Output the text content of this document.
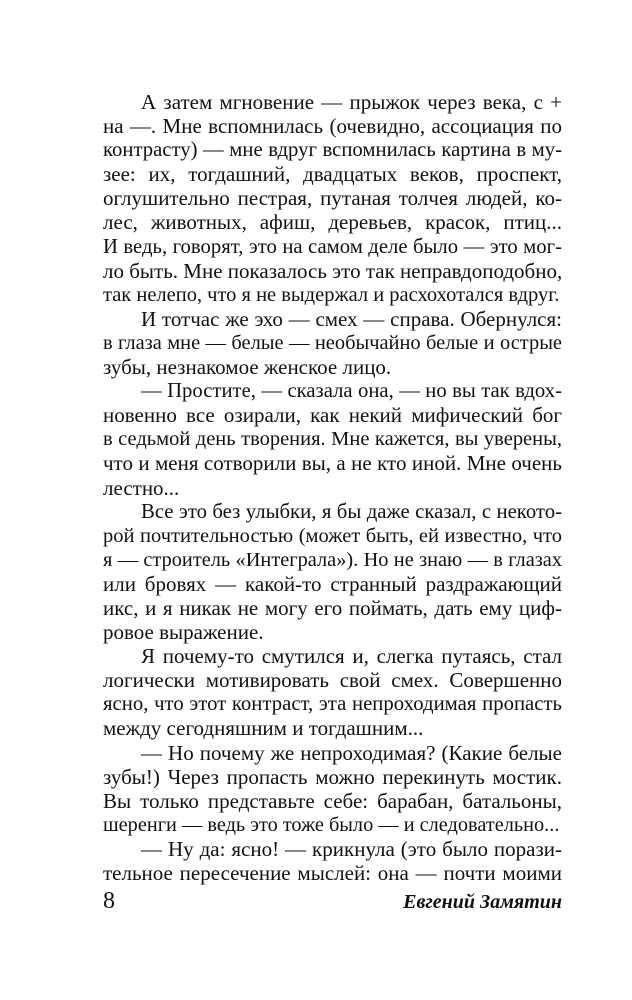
А затем мгновение — прыжок через века, с +
на —. Мне вспомнилась (очевидно, ассоциация по
контрасту) — мне вдруг вспомнилась картина в му-
зее: их, тогдашний, двадцатых веков, проспект,
оглушительно пестрая, путаная толчея людей, ко-
лес, животных, афиш, деревьев, красок, птиц...
И ведь, говорят, это на самом деле было — это мог-
ло быть. Мне показалось это так неправдоподобно,
так нелепо, что я не выдержал и расхохотался вдруг.
И тотчас же эхо — смех — справа. Обернулся:
в глаза мне — белые — необычайно белые и острые
зубы, незнакомое женское лицо.
— Простите, — сказала она, — но вы так вдох-
новенно все озирали, как некий мифический бог
в седьмой день творения. Мне кажется, вы уверены,
что и меня сотворили вы, а не кто иной. Мне очень
лестно...
Все это без улыбки, я бы даже сказал, с некото-
рой почтительностью (может быть, ей известно, что
я — строитель «Интеграла»). Но не знаю — в глазах
или бровях — какой-то странный раздражающий
икс, и я никак не могу его поймать, дать ему циф-
ровое выражение.
Я почему-то смутился и, слегка путаясь, стал
логически мотивировать свой смех. Совершенно
ясно, что этот контраст, эта непроходимая пропасть
между сегодняшним и тогдашним...
— Но почему же непроходимая? (Какие белые
зубы!) Через пропасть можно перекинуть мостик.
Вы только представьте себе: барабан, батальоны,
шеренги — ведь это тоже было — и следовательно...
— Ну да: ясно! — крикнула (это было порази-
тельное пересечение мыслей: она — почти моими
8	Евгений Замятин
